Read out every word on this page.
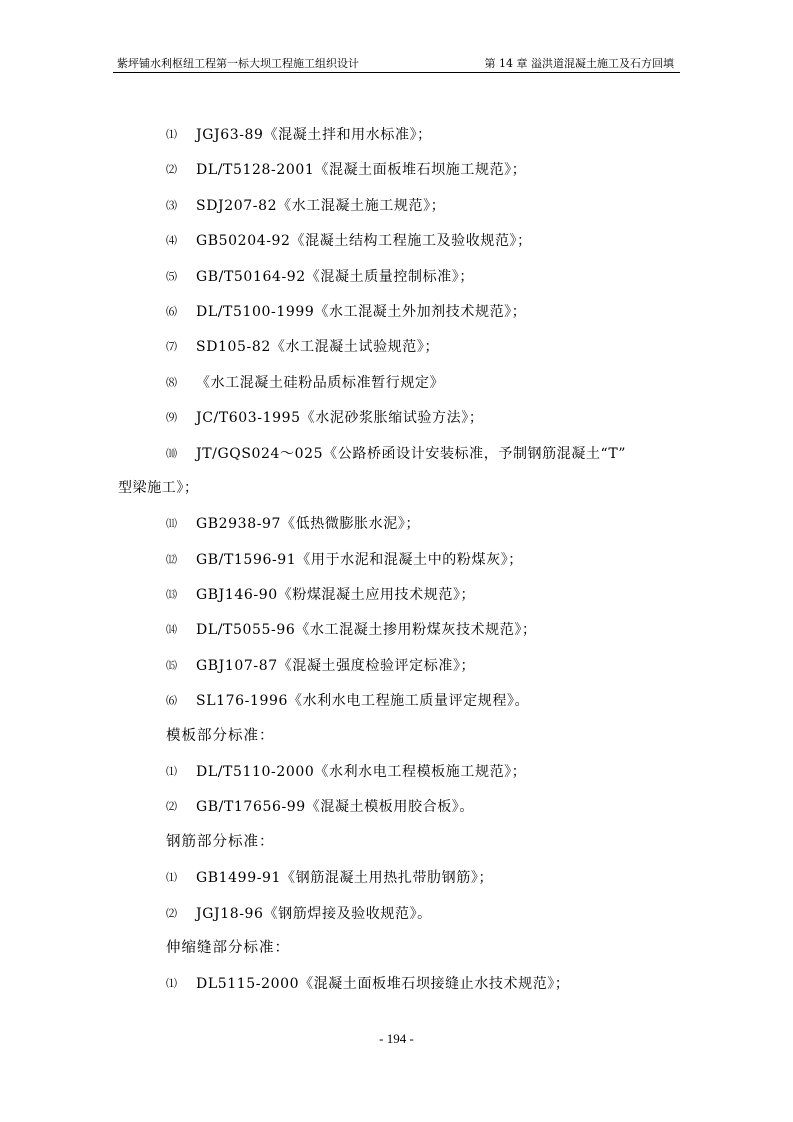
紫坪铺水利枢纽工程第一标大坝工程施工组织设计	第 14 章 溢洪道混凝土施工及石方回填
⑴ JGJ63-89《混凝土拌和用水标准》；
⑵ DL/T5128-2001《混凝土面板堆石坝施工规范》；
⑶ SDJ207-82《水工混凝土施工规范》；
⑷ GB50204-92《混凝土结构工程施工及验收规范》；
⑸ GB/T50164-92《混凝土质量控制标准》；
⑹ DL/T5100-1999《水工混凝土外加剂技术规范》；
⑺ SD105-82《水工混凝土试验规范》；
⑻ 《水工混凝土硅粉品质标准暂行规定》
⑼ JC/T603-1995《水泥砂浆胀缩试验方法》；
⑽ JT/GQS024～025《公路桥函设计安装标准，予制钢筋混凝土“T”
型梁施工》；
⑾ GB2938-97《低热微膨胀水泥》；
⑿ GB/T1596-91《用于水泥和混凝土中的粉煤灰》；
⒀ GBJ146-90《粉煤混凝土应用技术规范》；
⒁ DL/T5055-96《水工混凝土掺用粉煤灰技术规范》；
⒂ GBJ107-87《混凝土强度检验评定标准》；
⑹ SL176-1996《水利水电工程施工质量评定规程》。
模板部分标准：
⑴ DL/T5110-2000《水利水电工程模板施工规范》；
⑵ GB/T17656-99《混凝土模板用胶合板》。
钢筋部分标准：
⑴ GB1499-91《钢筋混凝土用热扎带肋钢筋》；
⑵ JGJ18-96《钢筋焊接及验收规范》。
伸缩缝部分标准：
⑴ DL5115-2000《混凝土面板堆石坝接缝止水技术规范》；
- 194 -
